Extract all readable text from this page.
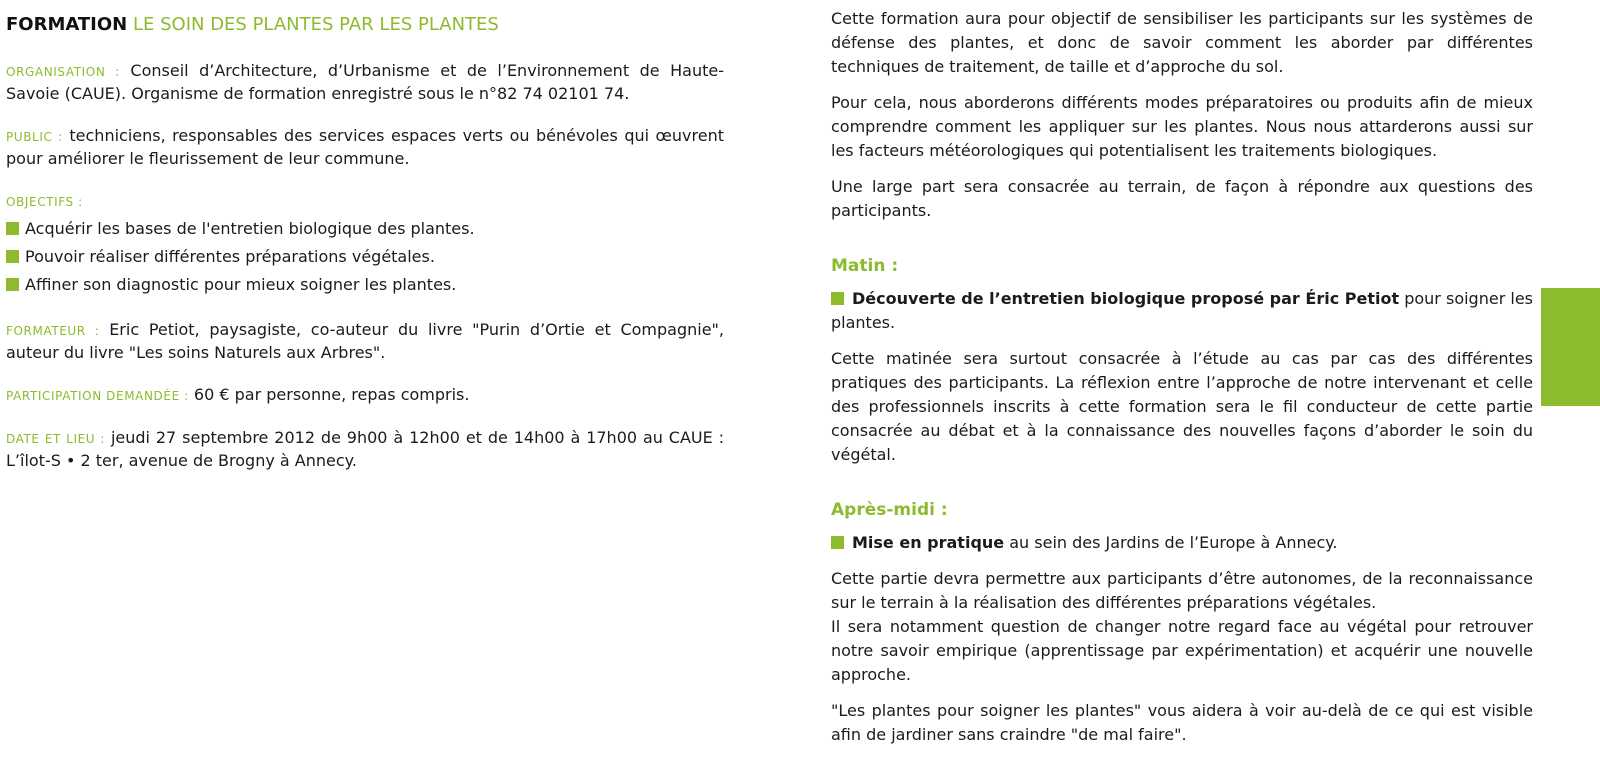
FORMATION LE SOIN DES PLANTES PAR LES PLANTES

ORGANISATION : Conseil d’Architecture, d’Urbanisme et de l’Environnement de Haute-Savoie (CAUE). Organisme de formation enregistré sous le n°82 74 02101 74.

PUBLIC : techniciens, responsables des services espaces verts ou bénévoles qui œuvrent pour améliorer le fleurissement de leur commune.

OBJECTIFS :

Acquérir les bases de l'entretien biologique des plantes.
Pouvoir réaliser différentes préparations végétales.
Affiner son diagnostic pour mieux soigner les plantes.

FORMATEUR : Eric Petiot, paysagiste, co-auteur du livre "Purin d’Ortie et Compagnie", auteur du livre "Les soins Naturels aux Arbres".

PARTICIPATION DEMANDÉE : 60 € par personne, repas compris.

DATE ET LIEU : jeudi 27 septembre 2012 de 9h00 à 12h00 et de 14h00 à 17h00 au CAUE : L’îlot-S • 2 ter, avenue de Brogny à Annecy.

Cette formation aura pour objectif de sensibiliser les participants sur les systèmes de défense des plantes, et donc de savoir comment les aborder par différentes techniques de traitement, de taille et d’approche du sol.

Pour cela, nous aborderons différents modes préparatoires ou produits afin de mieux comprendre comment les appliquer sur les plantes. Nous nous attarderons aussi sur les facteurs météorologiques qui potentialisent les traitements biologiques.

Une large part sera consacrée au terrain, de façon à répondre aux questions des participants.

Matin :

Découverte de l’entretien biologique proposé par Éric Petiot pour soigner les plantes.

Cette matinée sera surtout consacrée à l’étude au cas par cas des différentes pratiques des participants. La réflexion entre l’approche de notre intervenant et celle des professionnels inscrits à cette formation sera le fil conducteur de cette partie consacrée au débat et à la connaissance des nouvelles façons d’aborder le soin du végétal.

Après-midi :

Mise en pratique au sein des Jardins de l’Europe à Annecy.

Cette partie devra permettre aux participants d’être autonomes, de la reconnaissance sur le terrain à la réalisation des différentes préparations végétales.

Il sera notamment question de changer notre regard face au végétal pour retrouver notre savoir empirique (apprentissage par expérimentation) et acquérir une nouvelle approche.

"Les plantes pour soigner les plantes" vous aidera à voir au-delà de ce qui est visible afin de jardiner sans craindre "de mal faire".
